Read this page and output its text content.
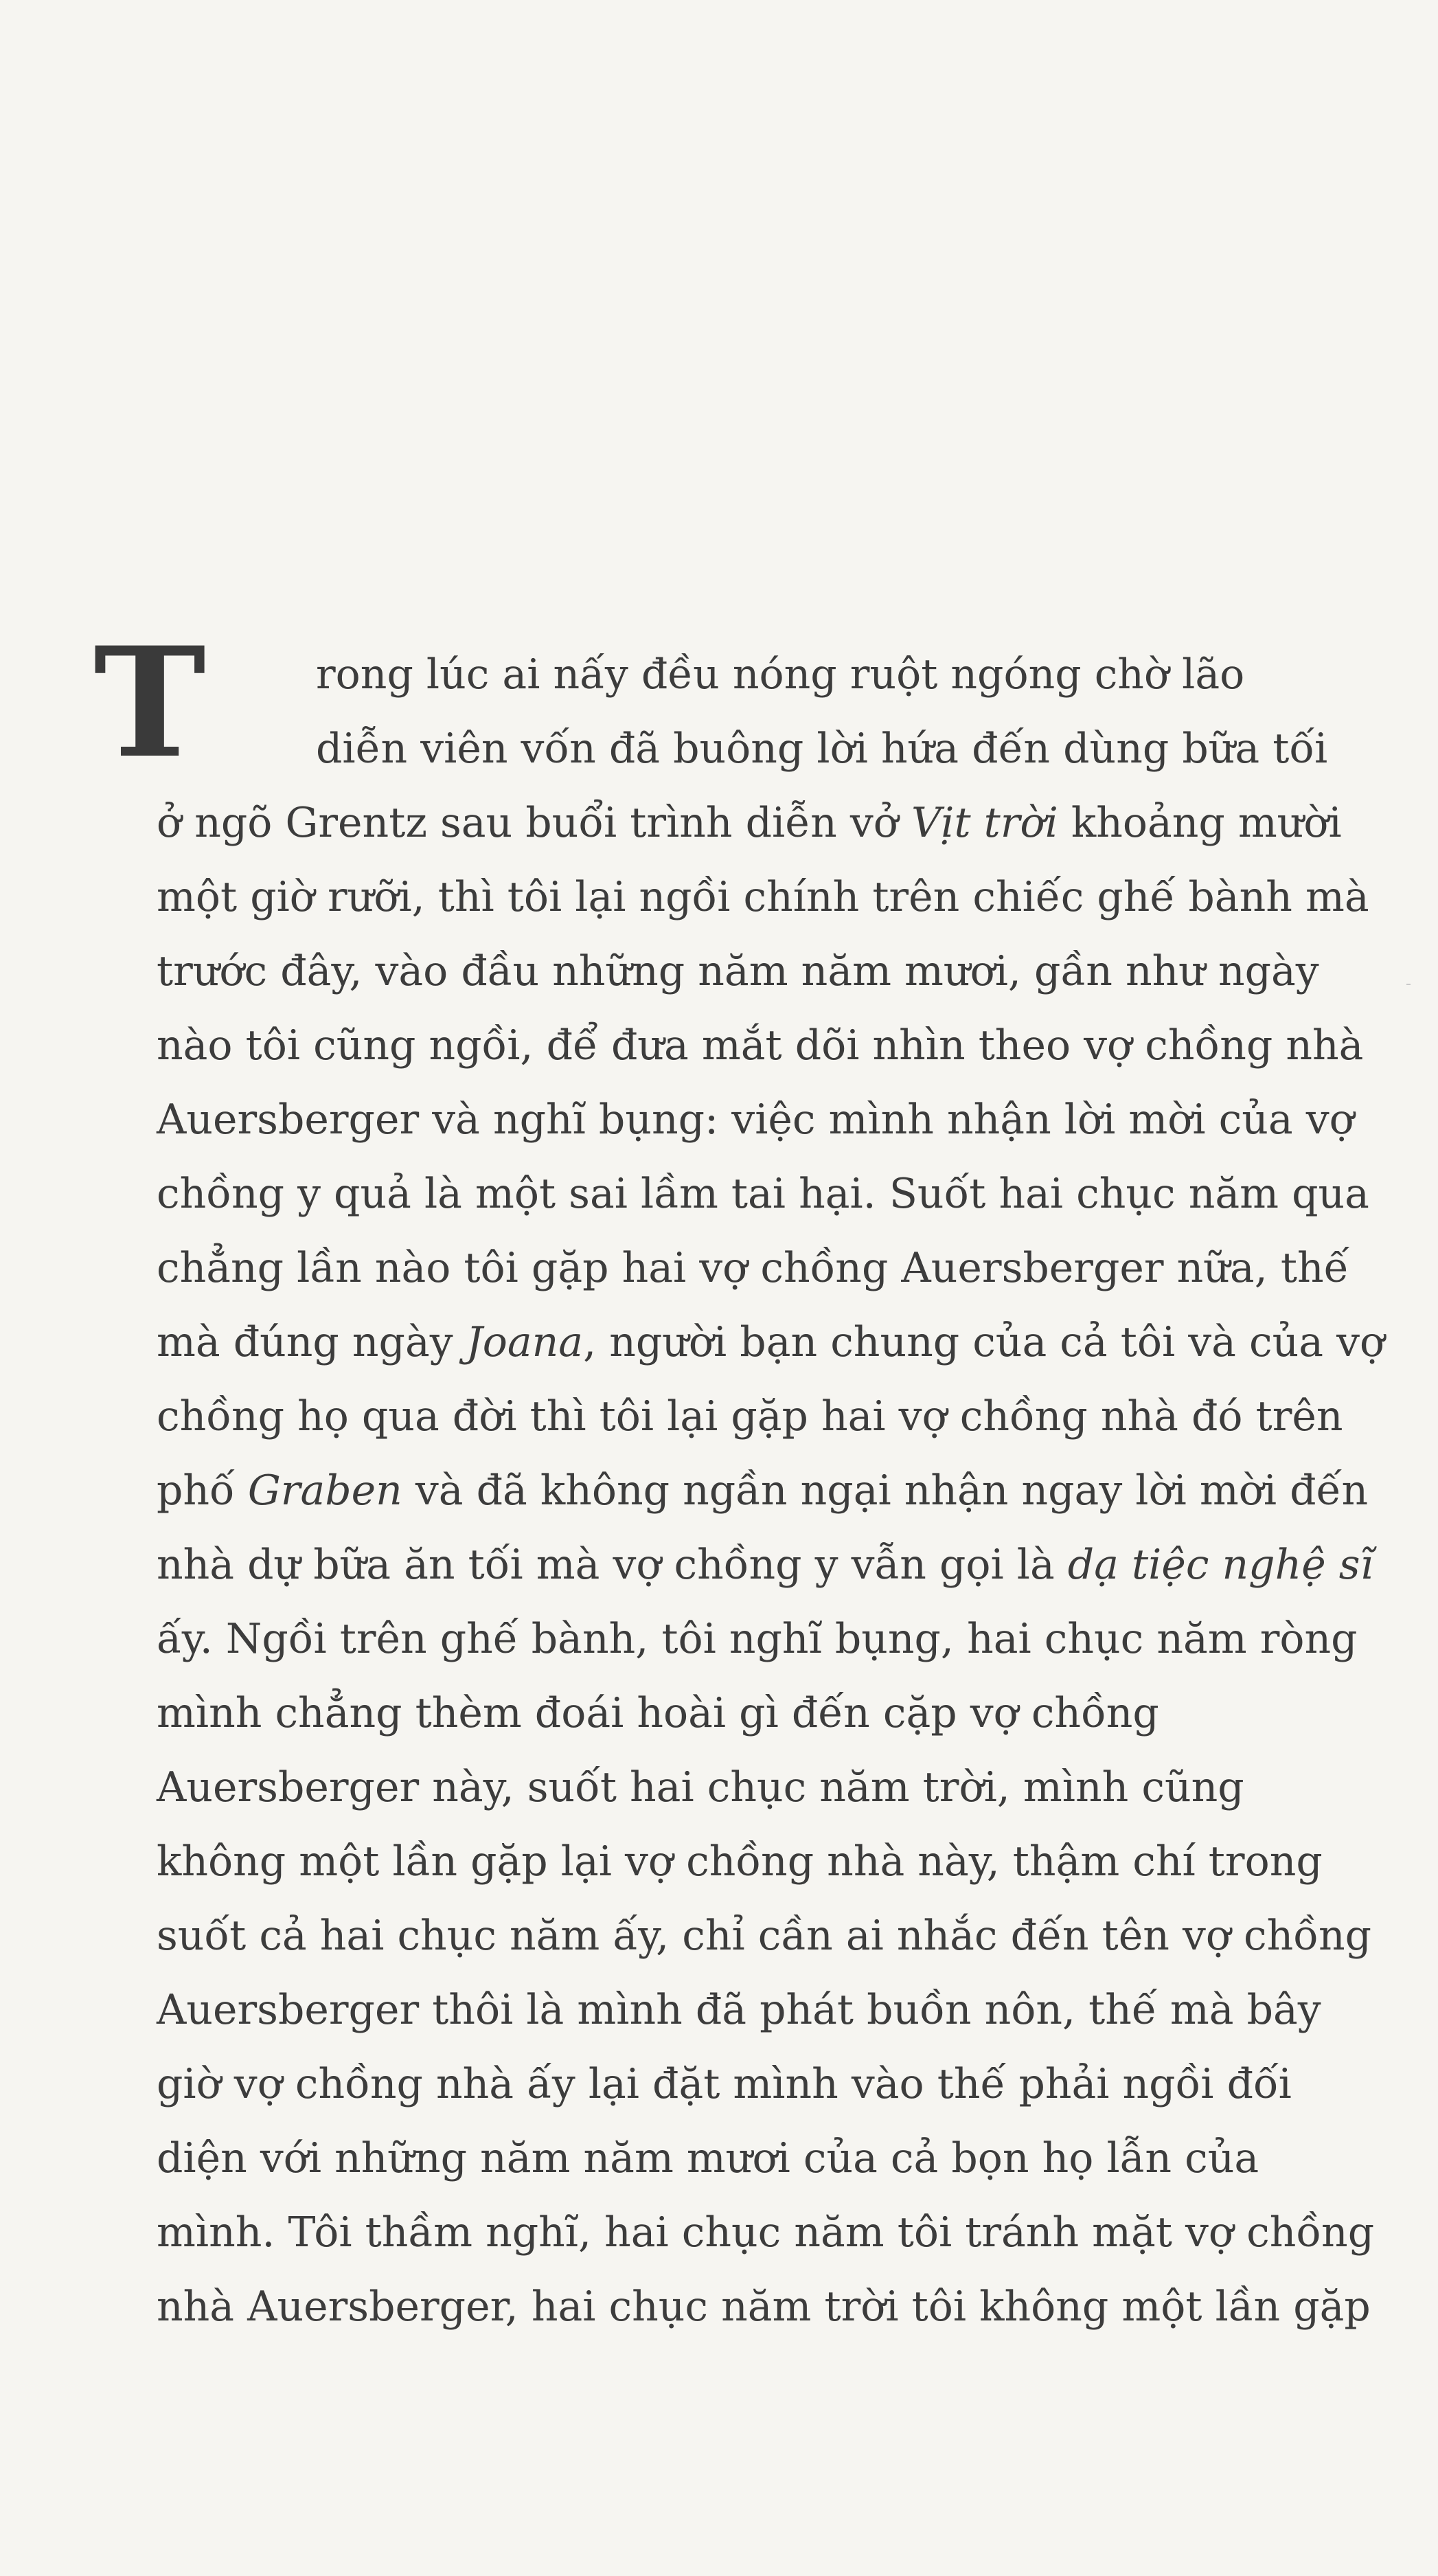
T	rong lúc ai nấy đều nóng ruột ngóng chờ lão
diễn viên vốn đã buông lời hứa đến dùng bữa tối
ở ngõ Grentz sau buổi trình diễn vở Vịt trời khoảng mười
một giờ rưỡi, thì tôi lại ngồi chính trên chiếc ghế bành mà
trước đây, vào đầu những năm năm mươi, gần như ngày
nào tôi cũng ngồi, để đưa mắt dõi nhìn theo vợ chồng nhà
Auersberger và nghĩ bụng: việc mình nhận lời mời của vợ
chồng y quả là một sai lầm tai hại. Suốt hai chục năm qua
chẳng lần nào tôi gặp hai vợ chồng Auersberger nữa, thế
mà đúng ngày Joana, người bạn chung của cả tôi và của vợ
chồng họ qua đời thì tôi lại gặp hai vợ chồng nhà đó trên
phố Graben và đã không ngần ngại nhận ngay lời mời đến
nhà dự bữa ăn tối mà vợ chồng y vẫn gọi là dạ tiệc nghệ sĩ
ấy. Ngồi trên ghế bành, tôi nghĩ bụng, hai chục năm ròng
mình chẳng thèm đoái hoài gì đến cặp vợ chồng
Auersberger này, suốt hai chục năm trời, mình cũng
không một lần gặp lại vợ chồng nhà này, thậm chí trong
suốt cả hai chục năm ấy, chỉ cần ai nhắc đến tên vợ chồng
Auersberger thôi là mình đã phát buồn nôn, thế mà bây
giờ vợ chồng nhà ấy lại đặt mình vào thế phải ngồi đối
diện với những năm năm mươi của cả bọn họ lẫn của
mình. Tôi thầm nghĩ, hai chục năm tôi tránh mặt vợ chồng
nhà Auersberger, hai chục năm trời tôi không một lần gặp
